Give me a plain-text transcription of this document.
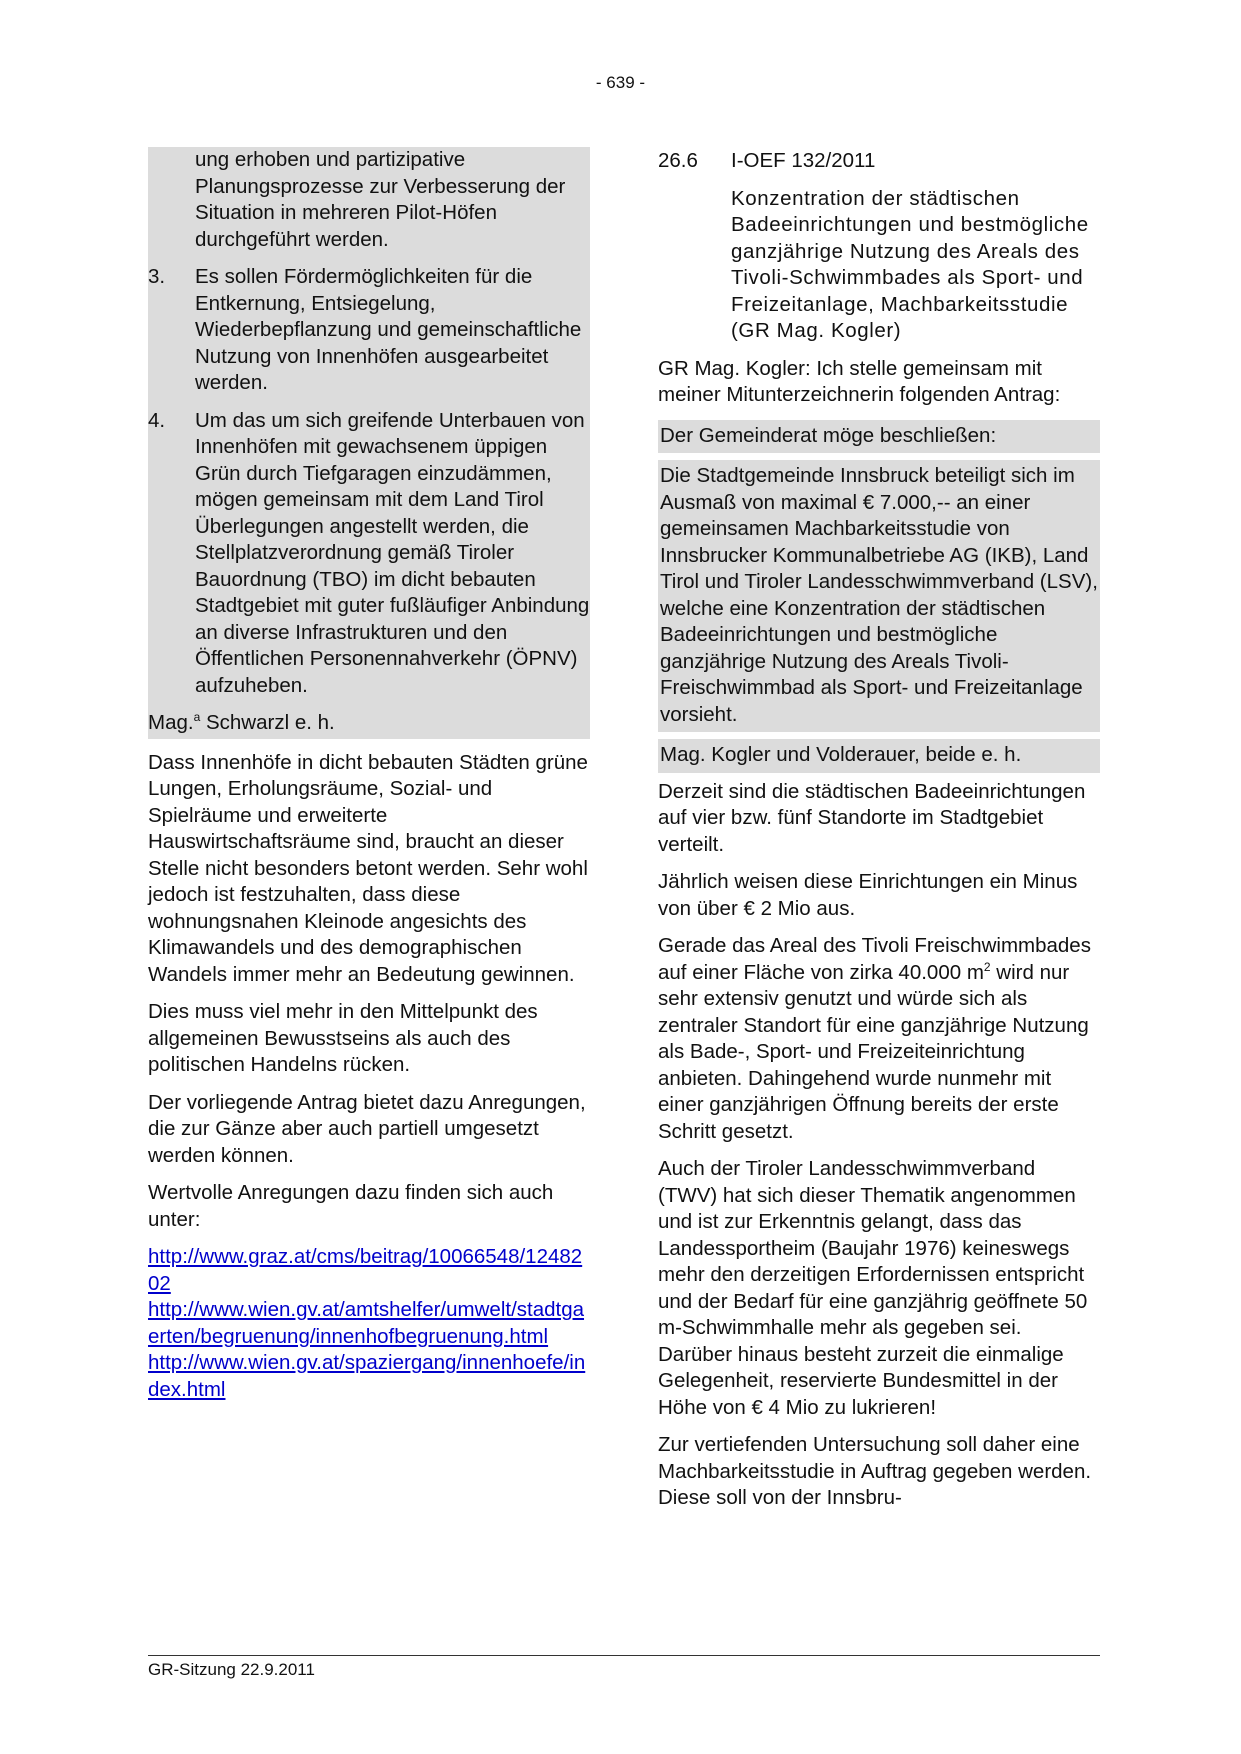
- 639 -

ung erhoben und partizipative Planungsprozesse zur Verbesserung der Situation in mehreren Pilot-Höfen durchgeführt werden.

3. Es sollen Fördermöglichkeiten für die Entkernung, Entsiegelung, Wiederbepflanzung und gemeinschaftliche Nutzung von Innenhöfen ausgearbeitet werden.
4. Um das um sich greifende Unterbauen von Innenhöfen mit gewachsenem üppigen Grün durch Tiefgaragen einzudämmen, mögen gemeinsam mit dem Land Tirol Überlegungen angestellt werden, die Stellplatzverordnung gemäß Tiroler Bauordnung (TBO) im dicht bebauten Stadtgebiet mit guter fußläufiger Anbindung an diverse Infrastrukturen und den Öffentlichen Personennahverkehr (ÖPNV) aufzuheben.

Mag.$^a$ Schwarzl e. h.

Dass Innenhöfe in dicht bebauten Städten grüne Lungen, Erholungsräume, Sozial- und Spielräume und erweiterte Hauswirtschaftsräume sind, braucht an dieser Stelle nicht besonders betont werden. Sehr wohl jedoch ist festzuhalten, dass diese wohnungsnahen Kleinode angesichts des Klimawandels und des demographischen Wandels immer mehr an Bedeutung gewinnen.

Dies muss viel mehr in den Mittelpunkt des allgemeinen Bewusstseins als auch des politischen Handelns rücken.

Der vorliegende Antrag bietet dazu Anregungen, die zur Gänze aber auch partiell umgesetzt werden können.

Wertvolle Anregungen dazu finden sich auch unter:

http://www.graz.at/cms/beitrag/10066548/1248202

http://www.wien.gv.at/amtshelfer/umwelt/stadtgaerten/begruenung/innenhofbegruenung.html

http://www.wien.gv.at/spaziergang/innenhoefe/index.html

26.6 I-OEF 132/2011

Konzentration der städtischen Badeeinrichtungen und bestmögliche ganzjährige Nutzung des Areals des Tivoli-Schwimmbades als Sport- und Freizeitanlage, Machbarkeitsstudie (GR Mag. Kogler)

GR Mag. Kogler: Ich stelle gemeinsam mit meiner Mitunterzeichnerin folgenden Antrag:

Der Gemeinderat möge beschließen:

Die Stadtgemeinde Innsbruck beteiligt sich im Ausmaß von maximal € 7.000,-- an einer gemeinsamen Machbarkeitsstudie von Innsbrucker Kommunalbetriebe AG (IKB), Land Tirol und Tiroler Landesschwimmverband (LSV), welche eine Konzentration der städtischen Badeeinrichtungen und bestmögliche ganzjährige Nutzung des Areals Tivoli-Freischwimmbad als Sport- und Freizeitanlage vorsieht.

Mag. Kogler und Volderauer, beide e. h.

Derzeit sind die städtischen Badeeinrichtungen auf vier bzw. fünf Standorte im Stadtgebiet verteilt.

Jährlich weisen diese Einrichtungen ein Minus von über € 2 Mio aus.

Gerade das Areal des Tivoli Freischwimmbades auf einer Fläche von zirka 40.000 $m^2$ wird nur sehr extensiv genutzt und würde sich als zentraler Standort für eine ganzjährige Nutzung als Bade-, Sport- und Freizeiteinrichtung anbieten. Dahingehend wurde nunmehr mit einer ganzjährigen Öffnung bereits der erste Schritt gesetzt.

Auch der Tiroler Landesschwimmverband (TWV) hat sich dieser Thematik angenommen und ist zur Erkenntnis gelangt, dass das Landessportheim (Baujahr 1976) keineswegs mehr den derzeitigen Erfordernissen entspricht und der Bedarf für eine ganzjährig geöffnete 50 m-Schwimmhalle mehr als gegeben sei. Darüber hinaus besteht zurzeit die einmalige Gelegenheit, reservierte Bundesmittel in der Höhe von € 4 Mio zu lukrieren!

Zur vertiefenden Untersuchung soll daher eine Machbarkeitsstudie in Auftrag gegeben werden. Diese soll von der Innsbru-

GR-Sitzung 22.9.2011
